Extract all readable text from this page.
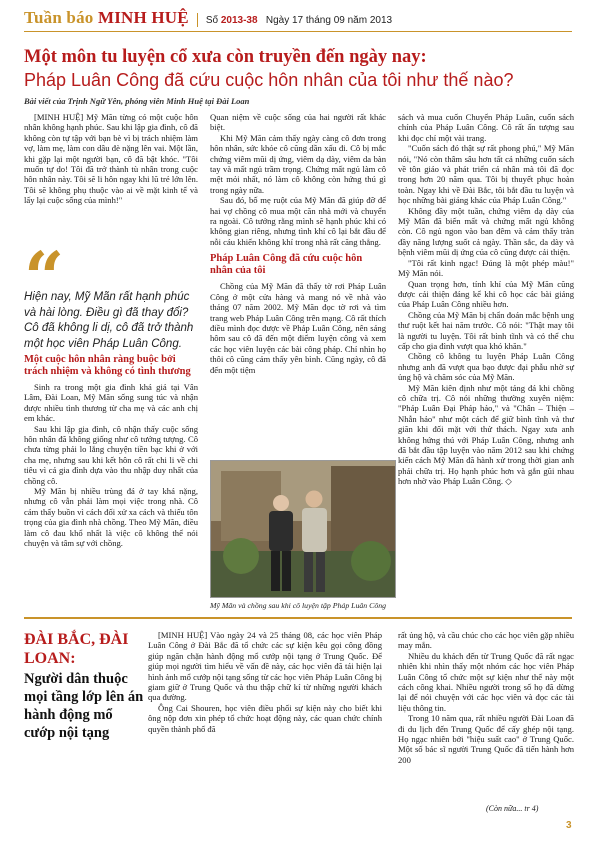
Tuần báo MINH HUỆ Số 2013-38 Ngày 17 tháng 09 năm 2013
Một môn tu luyện cổ xưa còn truyền đến ngày nay:
Pháp Luân Công đã cứu cuộc hôn nhân của tôi như thế nào?
Bài viết của Trịnh Ngữ Yên, phóng viên Minh Huệ tại Đài Loan

[MINH HUỆ] Mỹ Mãn từng có một cuộc hôn nhân không hạnh phúc. Sau khi lập gia đình, cô đã không còn tự tập với bạn bè vì bị trách nhiệm làm vợ, làm mẹ, làm con dâu đè nặng lên vai. Một lần, khi gặp lại một người bạn, cô đã bật khóc. "Tôi muốn tự do! Tôi đã trở thành tù nhân trong cuộc hôn nhân này. Tôi sẽ li hôn ngay khi lũ trẻ lớn lên. Tôi sẽ không phụ thuộc vào ai về mặt kinh tế và lấy lại cuộc sống của mình!"

“
Hiện nay, Mỹ Mãn rất hạnh phúc và hài lòng. Điều gì đã thay đổi? Cô đã không li dị, cô đã trở thành một học viên Pháp Luân Công.
Một cuộc hôn nhân ràng buộc bởi trách nhiệm và không có tình thương

Sinh ra trong một gia đình khá giả tại Vân Lâm, Đài Loan, Mỹ Mãn sống sung túc và nhận được nhiều tình thương từ cha mẹ và các anh chị em khác.

Sau khi lập gia đình, cô nhận thấy cuộc sống hôn nhân đã không giống như cô tưởng tượng. Cô chưa từng phải lo lắng chuyện tiền bạc khi ở với cha mẹ, nhưng sau khi kết hôn cô rất chi li về chi tiêu vì cả gia đình dựa vào thu nhập duy nhất của chồng cô.

Mỹ Mãn bị nhiều trùng đá ở tay khá nặng, nhưng cô vẫn phải làm mọi việc trong nhà. Cô cảm thấy buồn vì cách đối xử xa cách và thiếu tôn trọng của gia đình nhà chồng. Theo Mỹ Mãn, điều làm cô đau khổ nhất là việc cô không thể nói chuyện và tâm sự với chồng.

Quan niệm về cuộc sống của hai người rất khác biệt.

Khi Mỹ Mãn cảm thấy ngày càng cô đơn trong hôn nhân, sức khỏe cô cũng dần xấu đi. Cô bị mắc chứng viêm mũi dị ứng, viêm dạ dày, viêm da bàn tay và mất ngủ trầm trọng. Chứng mất ngủ làm cô mệt mỏi nhất, nó làm cô không còn hứng thú gì trong ngày nữa.

Sau đó, bố mẹ ruột của Mỹ Mãn đã giúp đỡ để hai vợ chồng cô mua một căn nhà mới và chuyển ra ngoài. Cô tưởng rằng mình sẽ hạnh phúc khi có không gian riêng, nhưng tình khí cô lại bắt đầu để nỗi cáu khiến không khí trong nhà rất căng thẳng.

Pháp Luân Công đã cứu cuộc hôn nhân của tôi

Chồng của Mỹ Mãn đã thấy tờ rơi Pháp Luân Công ở một cửa hàng và mang nó về nhà vào tháng 07 năm 2002. Mỹ Mãn đọc tờ rơi và tìm trang web Pháp Luân Công trên mạng. Cô rất thích điều mình đọc được về Pháp Luân Công, nên sáng hôm sau cô đã đến một điểm luyện công và xem các học viên luyện các bài công pháp. Chỉ nhìn họ thôi cô cũng cảm thấy yên bình. Cũng ngày, cô đã đến một tiệm

Mỹ Mãn và chồng sau khi cô luyện tập Pháp Luân Công

sách và mua cuốn Chuyển Pháp Luân, cuốn sách chính của Pháp Luân Công. Cô rất ấn tượng sau khi đọc chỉ một vài trang.

"Cuốn sách đó thật sự rất phong phú," Mỹ Mãn nói, "Nó còn thâm sâu hơn tất cả những cuốn sách về tôn giáo và phát triển cá nhân mà tôi đã đọc trong hơn 20 năm qua. Tôi bị thuyết phục hoàn toàn. Ngay khi về Đài Bắc, tôi bắt đầu tu luyện và học những bài giảng khác của Pháp Luân Công."

Không đầy một tuần, chứng viêm dạ dày của Mỹ Mãn đã biến mất và chứng mất ngủ không còn. Cô ngủ ngon vào ban đêm và cảm thấy tràn đầy năng lượng suốt cả ngày. Thần sắc, da dày và bệnh viêm mũi dị ứng của cô cũng được cải thiện.

"Tôi rất kinh ngạc! Đúng là một phép màu!" Mỹ Mãn nói.

Quan trọng hơn, tính khí của Mỹ Mãn cũng được cải thiện đáng kể khi cô học các bài giảng của Pháp Luân Công nhiều hơn.

Chồng của Mỹ Mãn bị chẩn đoán mắc bệnh ung thư ruột kết hai năm trước. Cô nói: "Thật may tôi là người tu luyện. Tôi rất bình tĩnh và có thể chu cấp cho gia đình vượt qua khó khăn."

Chồng cô không tu luyện Pháp Luân Công nhưng anh đã vượt qua bạo được đại phẫu nhờ sự ủng hộ và chăm sóc của Mỹ Mãn.

Mỹ Mãn kiên định như một tảng đá khi chồng cô chữa trị. Cô nói những thường xuyên niệm: "Pháp Luân Đại Pháp hảo," và "Chân – Thiện – Nhẫn hảo" như một cách để giữ bình tĩnh và thư giãn khi đối mặt với thử thách. Ngay xưa anh không hứng thú với Pháp Luân Công, nhưng anh đã bắt đầu tập luyện vào năm 2012 sau khi chứng kiến cách Mỹ Mãn đã hành xử trong thời gian anh phải chữa trị. Họ hạnh phúc hơn và gắn gũi nhau hơn nhờ vào Pháp Luân Công. ◇

ĐÀI BẮC, ĐÀI LOAN:
Người dân thuộc mọi tầng lớp lên án hành động mổ cướp nội tạng

[MINH HUỆ] Vào ngày 24 và 25 tháng 08, các học viên Pháp Luân Công ở Đài Bắc đã tổ chức các sự kiện kêu gọi công đồng giúp ngăn chặn hành động mổ cướp nội tạng ở Trung Quốc. Để giúp mọi người tìm hiểu về vấn đề này, các học viên đã tái hiện lại hình ảnh mổ cướp nội tạng sống từ các học viên Pháp Luân Công bị giam giữ ở Trung Quốc và thu thập chữ kí từ những người khách qua đường.

Ông Cai Shouren, học viên điều phối sự kiện này cho biết khi ông nộp đơn xin phép tổ chức hoạt động này, các quan chức chính quyền thành phố đã

rất ủng hộ, và cầu chúc cho các học viên gặp nhiều may mắn.

Nhiều du khách đến từ Trung Quốc đã rất ngạc nhiên khi nhìn thấy một nhóm các học viên Pháp Luân Công tổ chức một sự kiện như thế này một cách công khai. Nhiều người trong số họ đã dừng lại để nói chuyện với các học viên và đọc các tài liệu thông tin.

Trong 10 năm qua, rất nhiều người Đài Loan đã đi du lịch đến Trung Quốc để cấy ghép nội tạng. Họ ngạc nhiên bởi "hiệu suất cao" ở Trung Quốc. Một số bác sĩ người Trung Quốc đã tiến hành hơn 200

(Còn nữa... tr 4)
3
